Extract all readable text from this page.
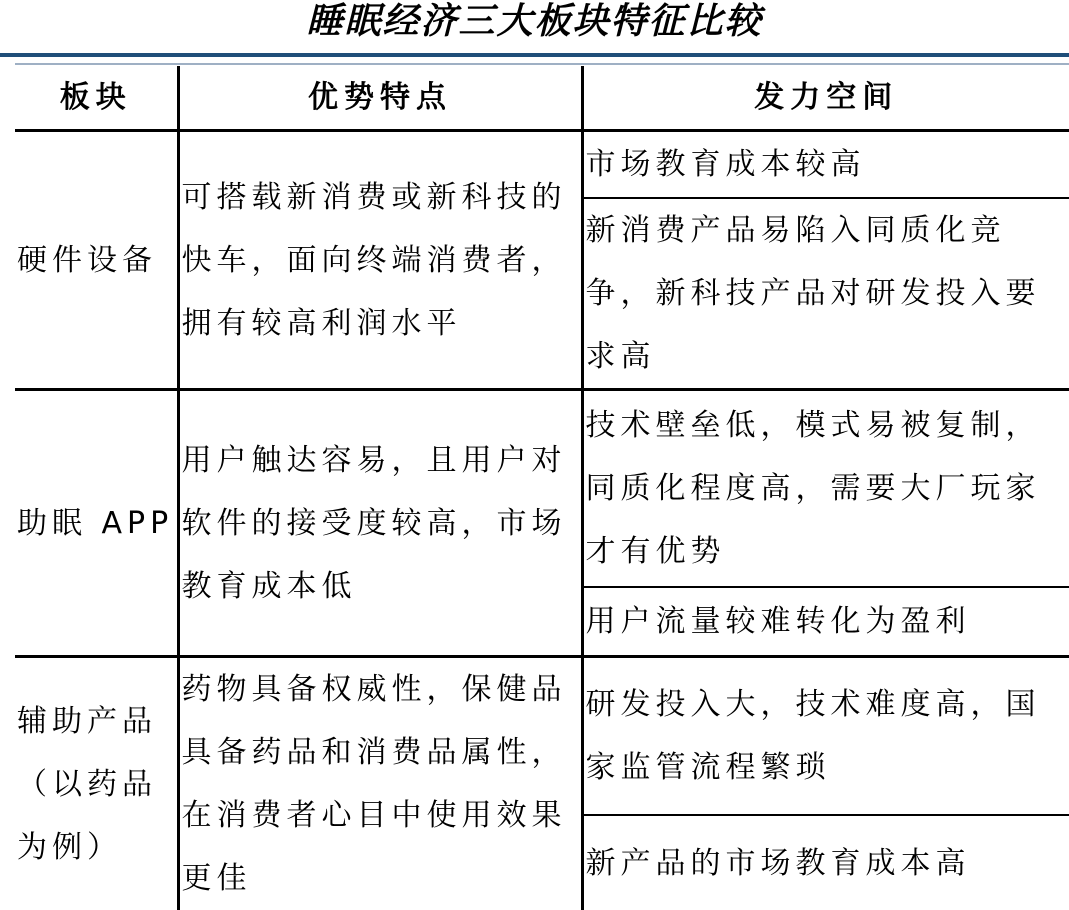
睡眠经济三大板块特征比较
板块	优势特点	发力空间
硬件设备	可搭载新消费或新科技的快车，面向终端消费者，拥有较高利润水平	市场教育成本较高
		新消费产品易陷入同质化竞争，新科技产品对研发投入要求高
助眠 APP	用户触达容易，且用户对软件的接受度较高，市场教育成本低	技术壁垒低，模式易被复制，同质化程度高，需要大厂玩家才有优势
		用户流量较难转化为盈利
辅助产品（以药品为例）	药物具备权威性，保健品具备药品和消费品属性，在消费者心目中使用效果更佳	研发投入大，技术难度高，国家监管流程繁琐
		新产品的市场教育成本高
